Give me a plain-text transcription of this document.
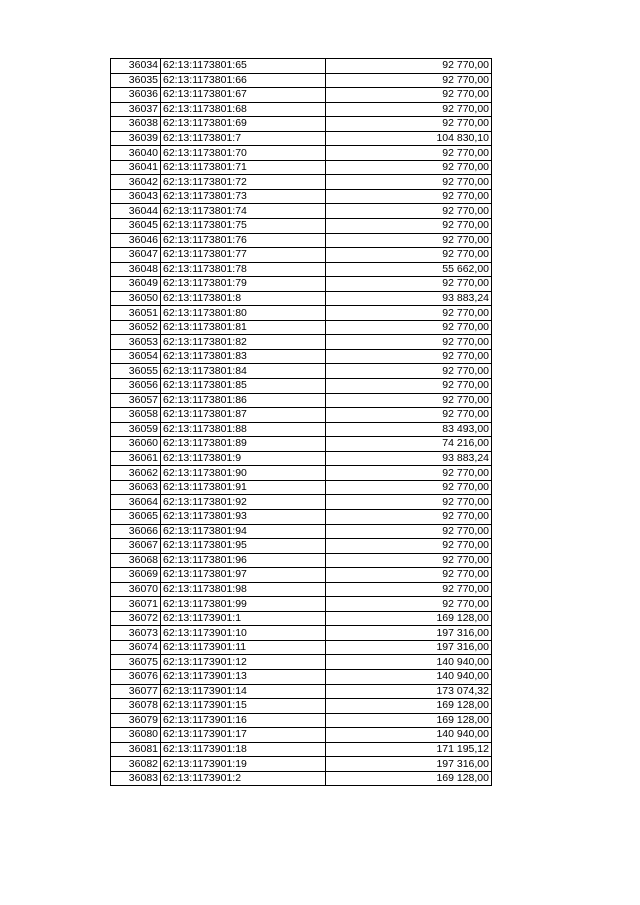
36034	62:13:1173801:65	92 770,00
36035	62:13:1173801:66	92 770,00
36036	62:13:1173801:67	92 770,00
36037	62:13:1173801:68	92 770,00
36038	62:13:1173801:69	92 770,00
36039	62:13:1173801:7	104 830,10
36040	62:13:1173801:70	92 770,00
36041	62:13:1173801:71	92 770,00
36042	62:13:1173801:72	92 770,00
36043	62:13:1173801:73	92 770,00
36044	62:13:1173801:74	92 770,00
36045	62:13:1173801:75	92 770,00
36046	62:13:1173801:76	92 770,00
36047	62:13:1173801:77	92 770,00
36048	62:13:1173801:78	55 662,00
36049	62:13:1173801:79	92 770,00
36050	62:13:1173801:8	93 883,24
36051	62:13:1173801:80	92 770,00
36052	62:13:1173801:81	92 770,00
36053	62:13:1173801:82	92 770,00
36054	62:13:1173801:83	92 770,00
36055	62:13:1173801:84	92 770,00
36056	62:13:1173801:85	92 770,00
36057	62:13:1173801:86	92 770,00
36058	62:13:1173801:87	92 770,00
36059	62:13:1173801:88	83 493,00
36060	62:13:1173801:89	74 216,00
36061	62:13:1173801:9	93 883,24
36062	62:13:1173801:90	92 770,00
36063	62:13:1173801:91	92 770,00
36064	62:13:1173801:92	92 770,00
36065	62:13:1173801:93	92 770,00
36066	62:13:1173801:94	92 770,00
36067	62:13:1173801:95	92 770,00
36068	62:13:1173801:96	92 770,00
36069	62:13:1173801:97	92 770,00
36070	62:13:1173801:98	92 770,00
36071	62:13:1173801:99	92 770,00
36072	62:13:1173901:1	169 128,00
36073	62:13:1173901:10	197 316,00
36074	62:13:1173901:11	197 316,00
36075	62:13:1173901:12	140 940,00
36076	62:13:1173901:13	140 940,00
36077	62:13:1173901:14	173 074,32
36078	62:13:1173901:15	169 128,00
36079	62:13:1173901:16	169 128,00
36080	62:13:1173901:17	140 940,00
36081	62:13:1173901:18	171 195,12
36082	62:13:1173901:19	197 316,00
36083	62:13:1173901:2	169 128,00
